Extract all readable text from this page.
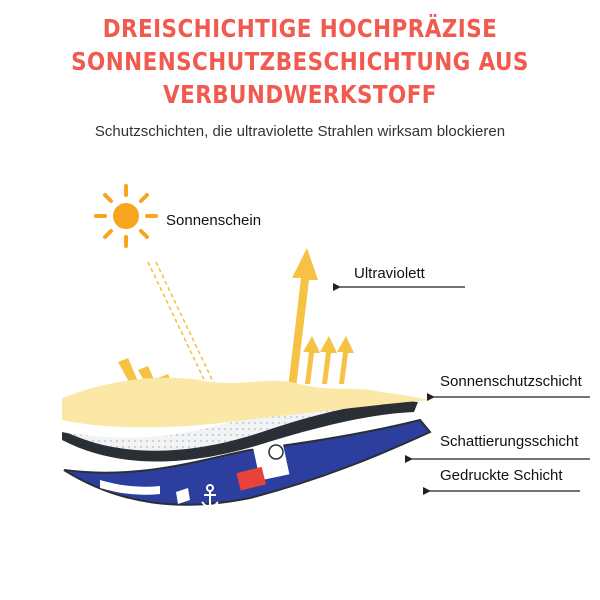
DREISCHICHTIGE HOCHPRÄZISE
SONNENSCHUTZBESCHICHTUNG AUS
VERBUNDWERKSTOFF
Schutzschichten, die ultraviolette Strahlen wirksam blockieren
Sonnenschein
Ultraviolett
Sonnenschutzschicht
Schattierungsschicht
Gedruckte Schicht
